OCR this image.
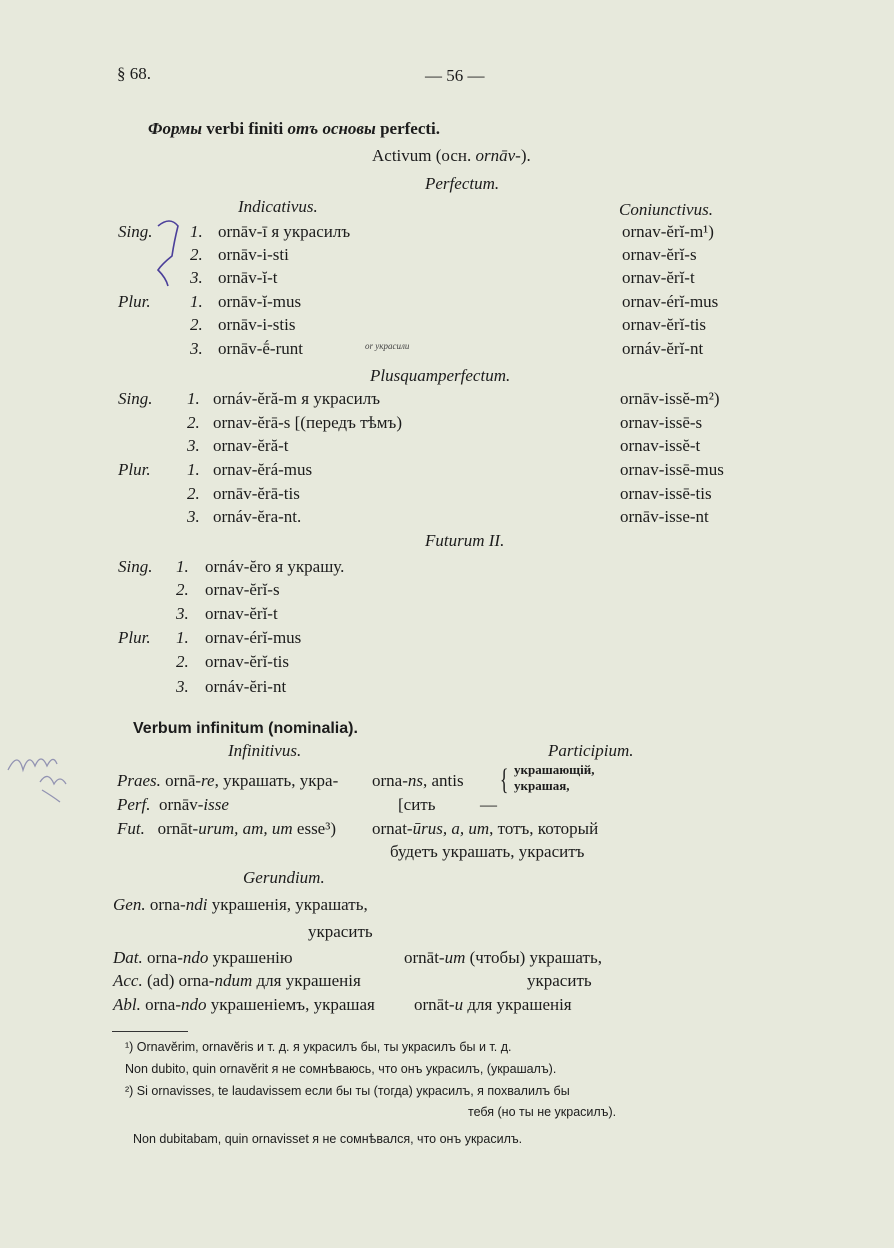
§ 68.	— 56 —
Формы verbi finiti отъ основы perfecti.
Activum (осн. ornāv-).
Perfectum.
Indicativus.	Coniunctivus.
Sing. 1. ornāv-ī я украсилъ	ornav-ĕrĭ-m¹)
2. ornāv-i-sti	ornav-ĕrĭ-s
3. ornāv-ĭ-t	ornav-ĕrĭ-t
Plur. 1. ornāv-ĭ-mus	ornav-érĭ-mus
2. ornāv-i-stis	ornav-ĕrĭ-tis
3. ornāv-ḗ-runt	ornáv-ĕrĭ-nt
or украсили
Plusquamperfectum.
Sing. 1. ornáv-ĕră-m я украсилъ	ornāv-issĕ-m²)
2. ornav-ĕrā-s [(передъ тѣмъ)	ornav-issē-s
3. ornav-ĕră-t	ornav-issĕ-t
Plur. 1. ornav-ĕrá-mus	ornav-issē-mus
2. ornāv-ĕrā-tis	ornav-issē-tis
3. ornáv-ĕra-nt.	ornāv-isse-nt
Futurum II.
Sing. 1. ornáv-ĕro я украшу.
2. ornav-ĕrĭ-s
3. ornav-ĕrĭ-t
Plur. 1. ornav-érĭ-mus
2. ornav-ĕrĭ-tis
3. ornáv-ĕri-nt
Verbum infinitum (nominalia).
Infinitivus.	Participium.
Praes. ornā-re, украшать, укра- orna-ns, antis { украшающій,
украшая,
Perf. ornāv-isse	[сить	—
Fut. ornāt-urum, am, um esse³) ornat-ūrus, a, um, тотъ, который
будетъ украшать, украситъ
Gerundium.
Gen. orna-ndi украшенія, украшать,
украсить
Dat. orna-ndo украшенію	ornāt-um (чтобы) украшать,
Acc. (ad) orna-ndum для украшенія	украсить
Abl. orna-ndo украшеніемъ, украшая ornāt-u для украшенія
¹) Ornavĕrim, ornavĕris и т. д. я украсилъ бы, ты украсилъ бы и т. д.
Non dubito, quin ornavĕrit я не сомнѣваюсь, что онъ украсилъ, (украшалъ).
²) Si ornavisses, te laudavissem если бы ты (тогда) украсилъ, я похвалилъ бы
тебя (но ты не украсилъ).
Non dubitabam, quin ornavisset я не сомнѣвался, что онъ украсилъ.
